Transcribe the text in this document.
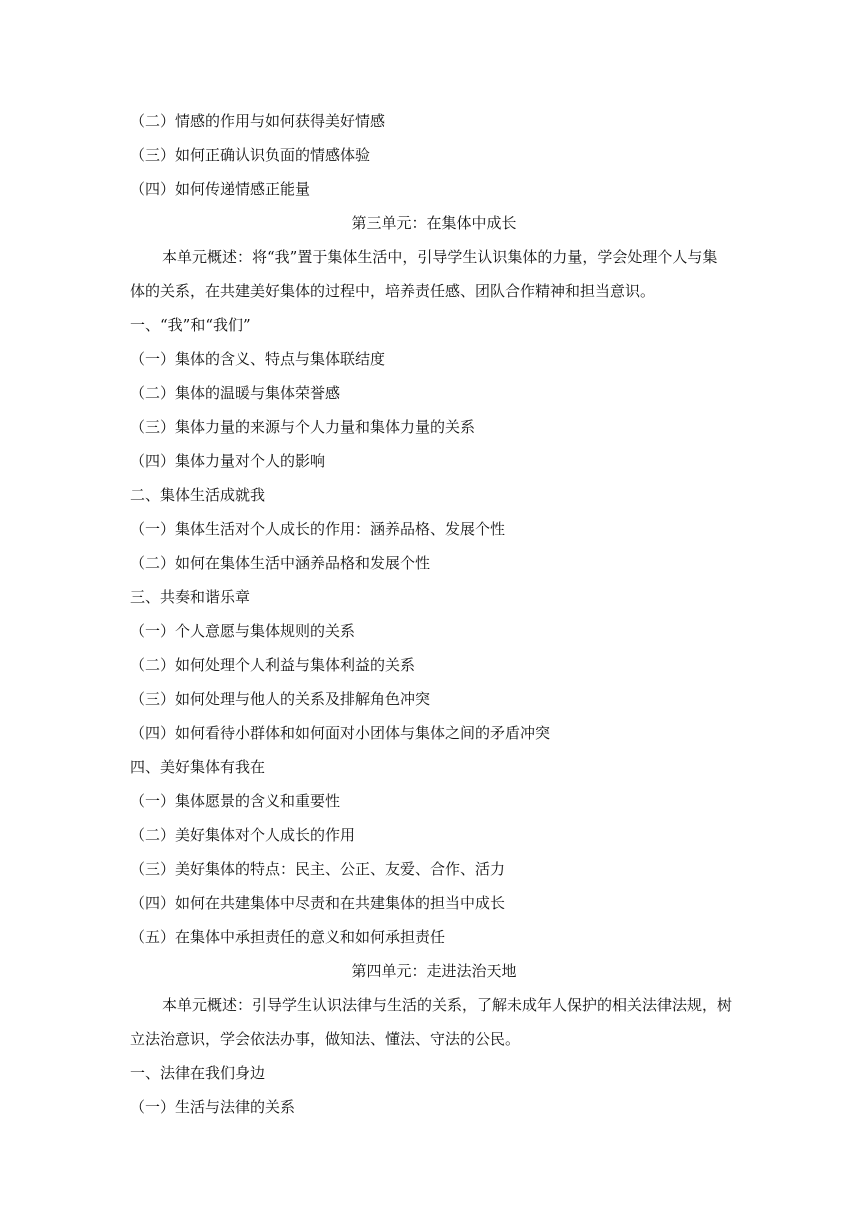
（二）情感的作用与如何获得美好情感
（三）如何正确认识负面的情感体验
（四）如何传递情感正能量
第三单元：在集体中成长
本单元概述：将“我”置于集体生活中，引导学生认识集体的力量，学会处理个人与集
体的关系，在共建美好集体的过程中，培养责任感、团队合作精神和担当意识。
一、“我”和“我们”
（一）集体的含义、特点与集体联结度
（二）集体的温暖与集体荣誉感
（三）集体力量的来源与个人力量和集体力量的关系
（四）集体力量对个人的影响
二、集体生活成就我
（一）集体生活对个人成长的作用：涵养品格、发展个性
（二）如何在集体生活中涵养品格和发展个性
三、共奏和谐乐章
（一）个人意愿与集体规则的关系
（二）如何处理个人利益与集体利益的关系
（三）如何处理与他人的关系及排解角色冲突
（四）如何看待小群体和如何面对小团体与集体之间的矛盾冲突
四、美好集体有我在
（一）集体愿景的含义和重要性
（二）美好集体对个人成长的作用
（三）美好集体的特点：民主、公正、友爱、合作、活力
（四）如何在共建集体中尽责和在共建集体的担当中成长
（五）在集体中承担责任的意义和如何承担责任
第四单元：走进法治天地
本单元概述：引导学生认识法律与生活的关系，了解未成年人保护的相关法律法规，树
立法治意识，学会依法办事，做知法、懂法、守法的公民。
一、法律在我们身边
（一）生活与法律的关系
